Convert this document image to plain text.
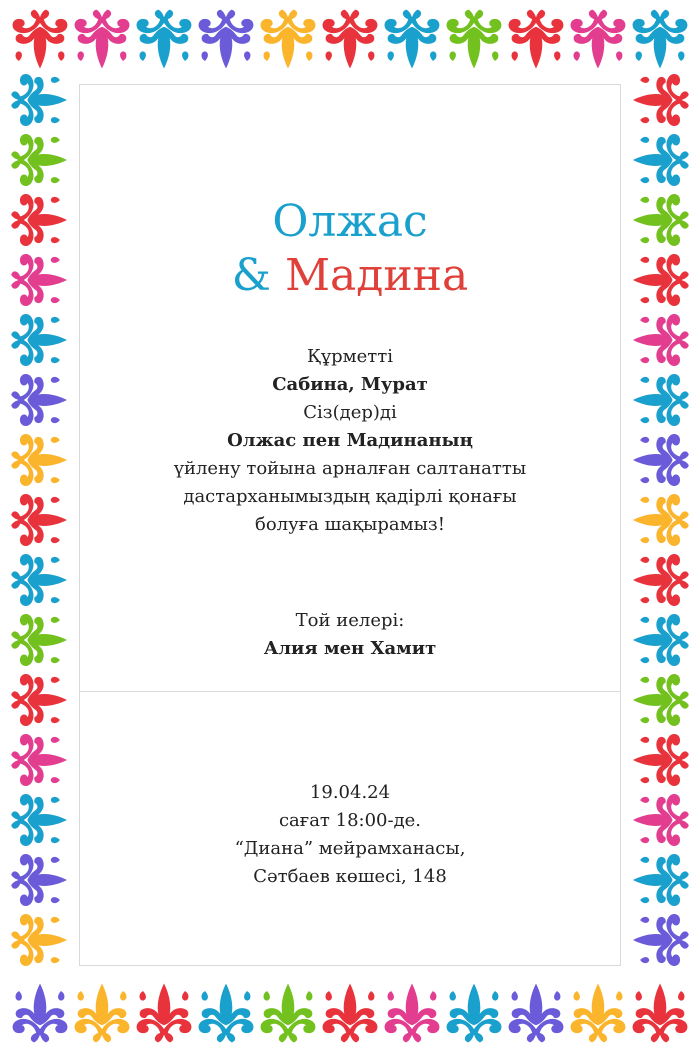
Олжас
& Мадина
Құрметті
Сабина, Мурат
Сіз(дер)ді
Олжас пен Мадинаның
үйлену тойына арналған салтанатты
дастарханымыздың қадірлі қонағы
болуға шақырамыз!
Той иелері:
Алия мен Хамит
19.04.24
сағат 18:00-де.
“Диана” мейрамханасы,
Сәтбаев көшесі, 148
